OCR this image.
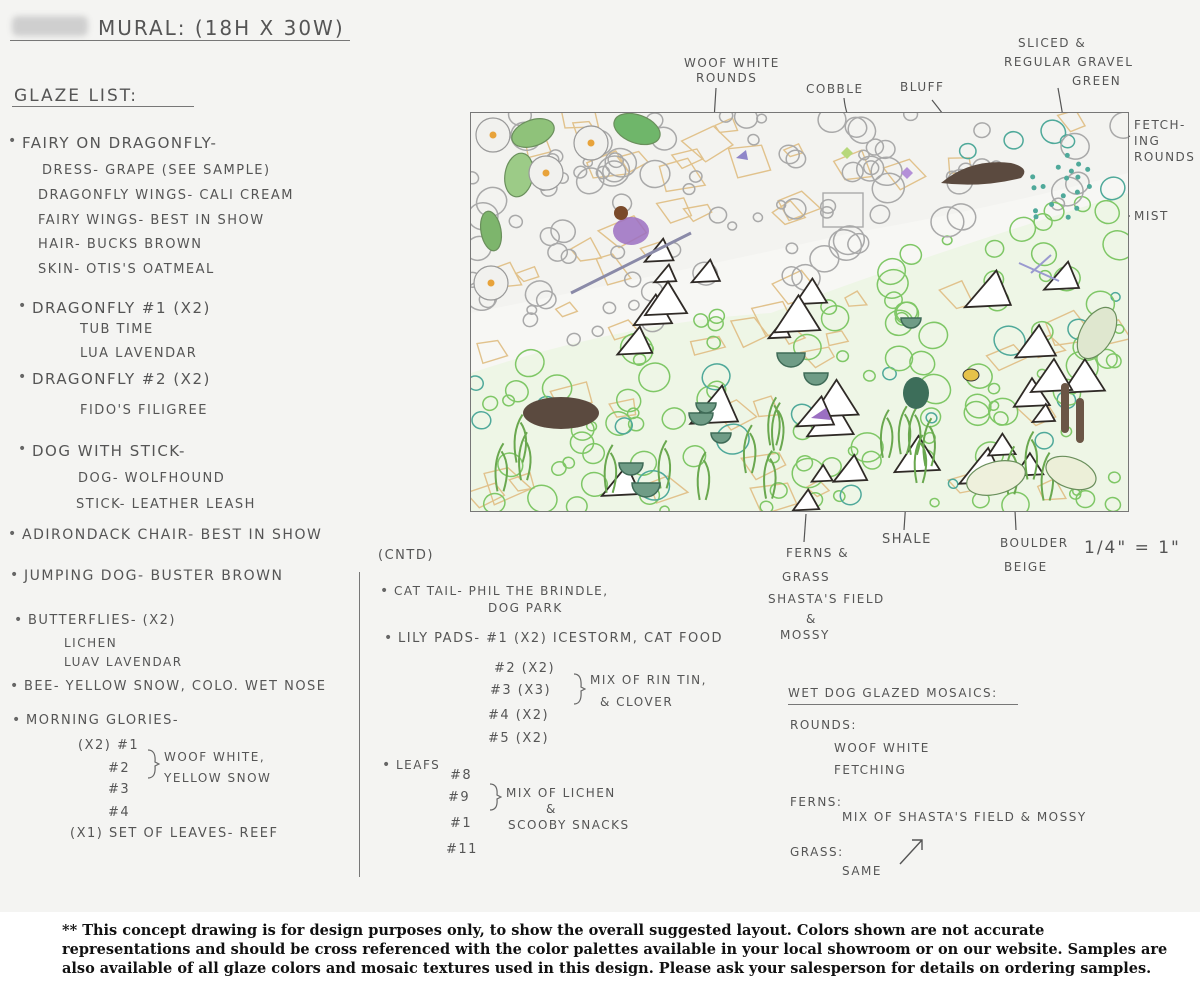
MURAL: (18H X 30W)
GLAZE LIST:
• FAIRY ON DRAGONFLY-
DRESS- GRAPE (SEE SAMPLE)
DRAGONFLY WINGS- CALI CREAM
FAIRY WINGS- BEST IN SHOW
HAIR- BUCKS BROWN
SKIN- OTIS'S OATMEAL
• DRAGONFLY #1 (X2)
TUB TIME
LUA LAVENDAR
• DRAGONFLY #2 (X2)
FIDO'S FILIGREE
• DOG WITH STICK-
DOG- WOLFHOUND
STICK- LEATHER LEASH
• ADIRONDACK CHAIR- BEST IN SHOW
• JUMPING DOG- BUSTER BROWN
• BUTTERFLIES- (X2)
LICHEN
LUAV LAVENDAR
• BEE- YELLOW SNOW, COLO. WET NOSE
• MORNING GLORIES-
(X2) #1
#2
#3
#4
WOOF WHITE,
YELLOW SNOW
(X1) SET OF LEAVES- REEF
(CNTD)
• CAT TAIL- PHIL THE BRINDLE,
DOG PARK
• LILY PADS- #1 (X2) ICESTORM, CAT FOOD
#2 (X2)
#3 (X3)
#4 (X2)
#5 (X2)
MIX OF RIN TIN,
& CLOVER
• LEAFS
#8
#9
#1
#11
MIX OF LICHEN
&
SCOOBY SNACKS
WOOF WHITE
ROUNDS
COBBLE	BLUFF
SLICED &
REGULAR GRAVEL
GREEN
FETCH-
ING
ROUNDS
MIST
FERNS &
GRASS
SHASTA'S FIELD
&
MOSSY
SHALE	BOULDER
BEIGE
1/4" = 1"
WET DOG GLAZED MOSAICS:
ROUNDS:
WOOF WHITE
FETCHING
FERNS:
MIX OF SHASTA'S FIELD & MOSSY
GRASS:
SAME

** This concept drawing is for design purposes only, to show the overall suggested layout. Colors shown are not accurate representations and should be cross referenced with the color palettes available in your local showroom or on our website. Samples are also available of all glaze colors and mosaic textures used in this design. Please ask your salesperson for details on ordering samples.
